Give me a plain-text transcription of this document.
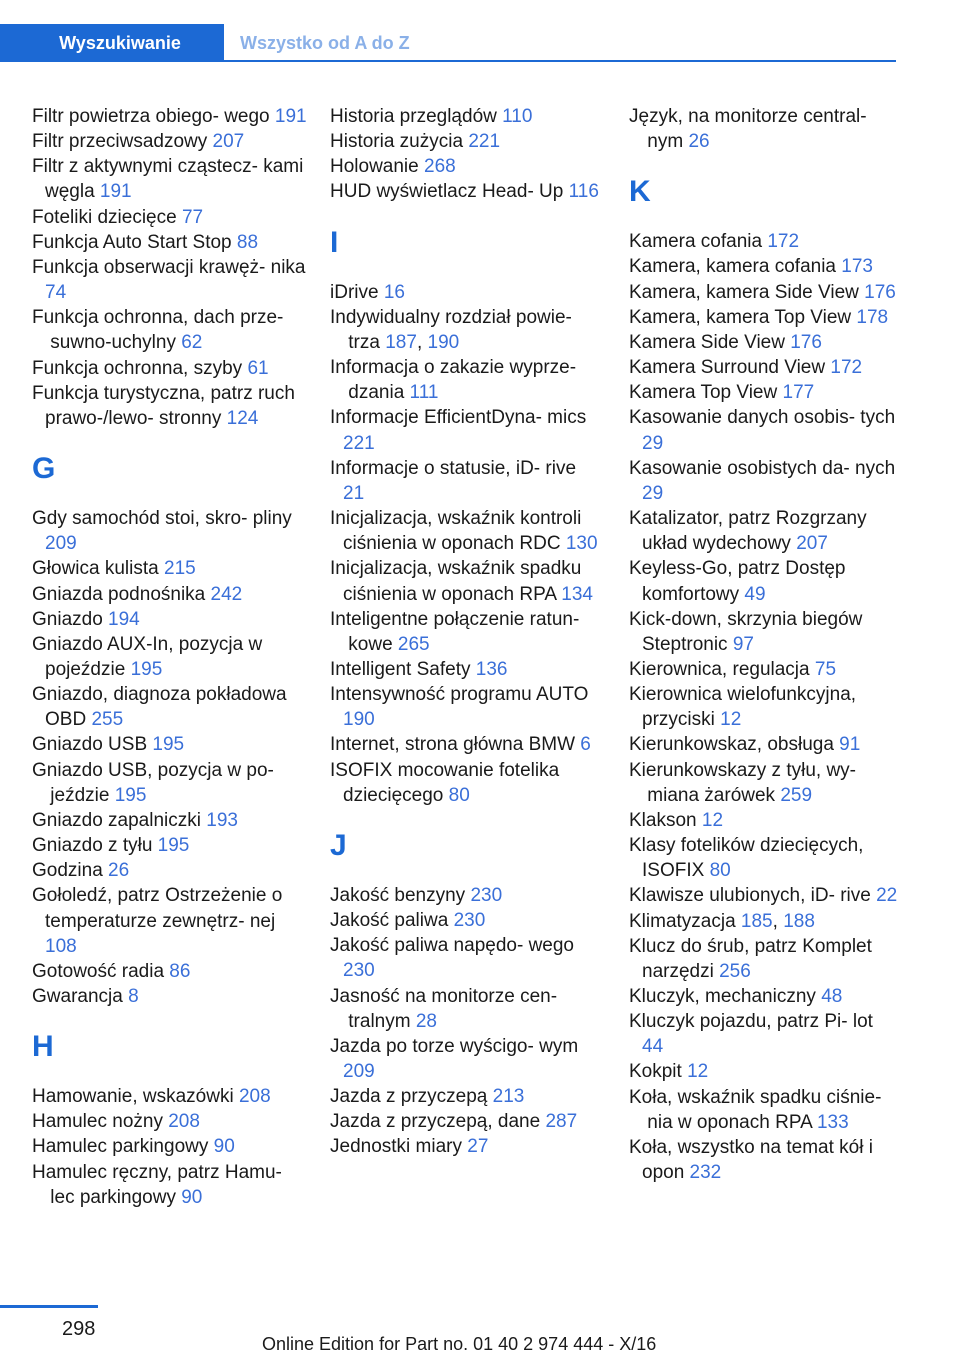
Wyszukiwanie	Wszystko od A do Z
Filtr powietrza obiego- wego 191
Filtr przeciwsadzowy 207
Filtr z aktywnymi cząstecz- kami węgla 191
Foteliki dziecięce 77
Funkcja Auto Start Stop 88
Funkcja obserwacji krawęż- nika 74
Funkcja ochronna, dach prze- suwno-uchylny 62
Funkcja ochronna, szyby 61
Funkcja turystyczna, patrz ruch prawo-/lewo- stronny 124
G
Gdy samochód stoi, skro- pliny 209
Głowica kulista 215
Gniazda podnośnika 242
Gniazdo 194
Gniazdo AUX-In, pozycja w pojeździe 195
Gniazdo, diagnoza pokładowa OBD 255
Gniazdo USB 195
Gniazdo USB, pozycja w po- jeździe 195
Gniazdo zapalniczki 193
Gniazdo z tyłu 195
Godzina 26
Gołoledź, patrz Ostrzeżenie o temperaturze zewnętrz- nej 108
Gotowość radia 86
Gwarancja 8
H
Hamowanie, wskazówki 208
Hamulec nożny 208
Hamulec parkingowy 90
Hamulec ręczny, patrz Hamu- lec parkingowy 90
Historia przeglądów 110
Historia zużycia 221
Holowanie 268
HUD wyświetlacz Head- Up 116
I
iDrive 16
Indywidualny rozdział powie- trza 187, 190
Informacja o zakazie wyprze- dzania 111
Informacje EfficientDyna- mics 221
Informacje o statusie, iD- rive 21
Inicjalizacja, wskaźnik kontroli ciśnienia w oponach RDC 130
Inicjalizacja, wskaźnik spadku ciśnienia w oponach RPA 134
Inteligentne połączenie ratun- kowe 265
Intelligent Safety 136
Intensywność programu AUTO 190
Internet, strona główna BMW 6
ISOFIX mocowanie fotelika dziecięcego 80
J
Jakość benzyny 230
Jakość paliwa 230
Jakość paliwa napędo- wego 230
Jasność na monitorze cen- tralnym 28
Jazda po torze wyścigo- wym 209
Jazda z przyczepą 213
Jazda z przyczepą, dane 287
Jednostki miary 27
Język, na monitorze central- nym 26
K
Kamera cofania 172
Kamera, kamera cofania 173
Kamera, kamera Side View 176
Kamera, kamera Top View 178
Kamera Side View 176
Kamera Surround View 172
Kamera Top View 177
Kasowanie danych osobis- tych 29
Kasowanie osobistych da- nych 29
Katalizator, patrz Rozgrzany układ wydechowy 207
Keyless-Go, patrz Dostęp komfortowy 49
Kick-down, skrzynia biegów Steptronic 97
Kierownica, regulacja 75
Kierownica wielofunkcyjna, przyciski 12
Kierunkowskaz, obsługa 91
Kierunkowskazy z tyłu, wy- miana żarówek 259
Klakson 12
Klasy fotelików dziecięcych, ISOFIX 80
Klawisze ulubionych, iD- rive 22
Klimatyzacja 185, 188
Klucz do śrub, patrz Komplet narzędzi 256
Kluczyk, mechaniczny 48
Kluczyk pojazdu, patrz Pi- lot 44
Kokpit 12
Koła, wskaźnik spadku ciśnie- nia w oponach RPA 133
Koła, wszystko na temat kół i opon 232
298
Online Edition for Part no. 01 40 2 974 444 - X/16
